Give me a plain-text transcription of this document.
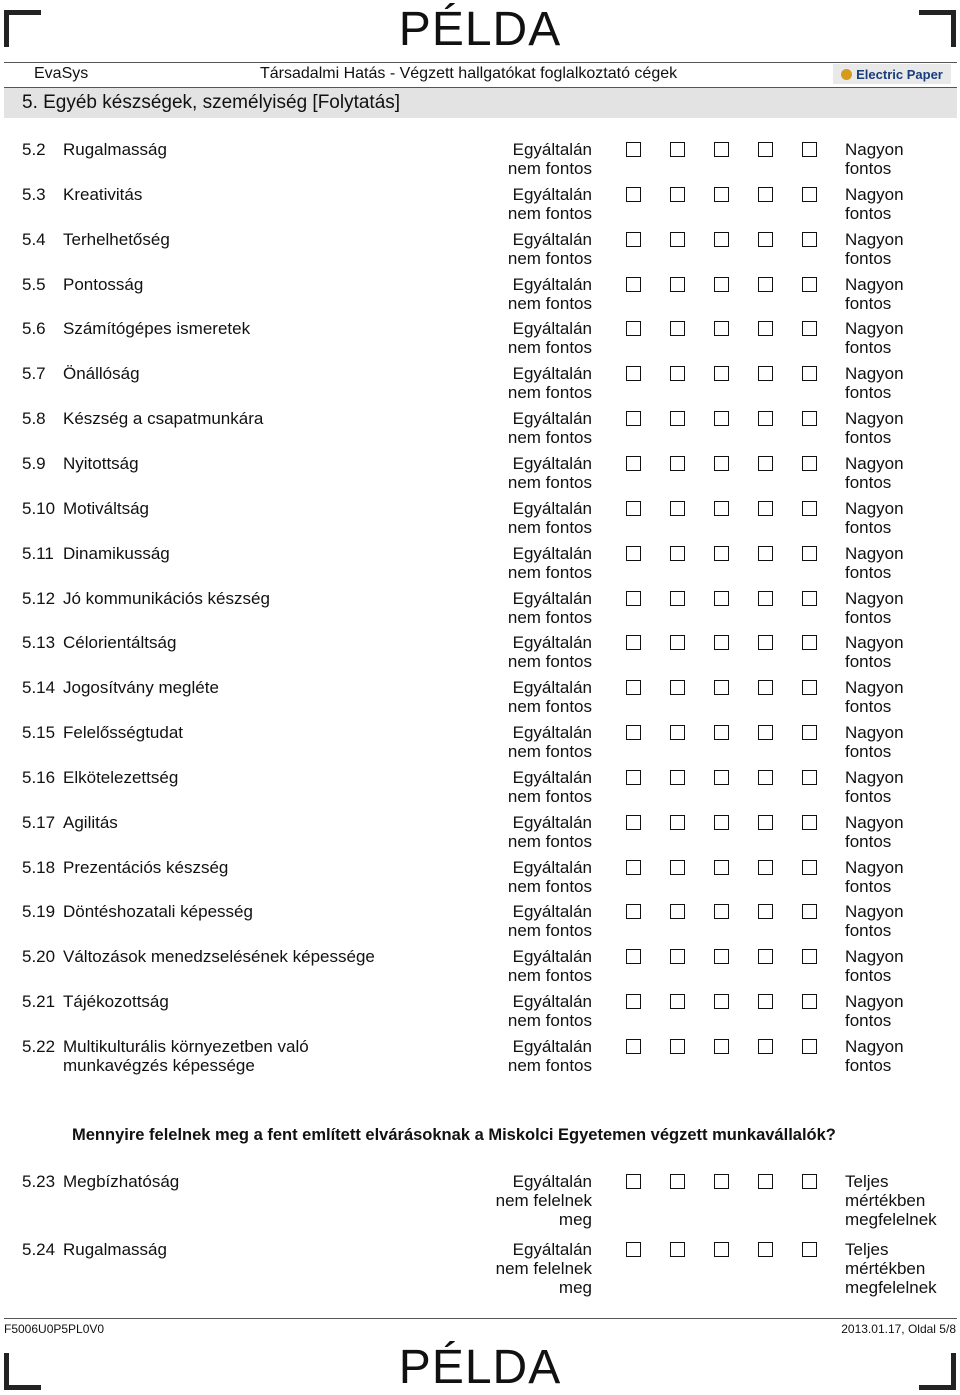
PÉLDA
EvaSys	Társadalmi Hatás - Végzett hallgatókat foglalkoztató cégek	Electric Paper
5. Egyéb készségek, személyiség [Folytatás]
5.2 Rugalmasság	Egyáltalán
nem fontos
Nagyon
fontos
5.3 Kreativitás	Egyáltalán
nem fontos
Nagyon
fontos
5.4 Terhelhetőség	Egyáltalán
nem fontos
Nagyon
fontos
5.5 Pontosság	Egyáltalán
nem fontos
Nagyon
fontos
5.6 Számítógépes ismeretek	Egyáltalán
nem fontos
Nagyon
fontos
5.7 Önállóság	Egyáltalán
nem fontos
Nagyon
fontos
5.8 Készség a csapatmunkára	Egyáltalán
nem fontos
Nagyon
fontos
5.9 Nyitottság	Egyáltalán
nem fontos
Nagyon
fontos
5.10 Motiváltság	Egyáltalán
nem fontos
Nagyon
fontos
5.11 Dinamikusság	Egyáltalán
nem fontos
Nagyon
fontos
5.12 Jó kommunikációs készség	Egyáltalán
nem fontos
Nagyon
fontos
5.13 Célorientáltság	Egyáltalán
nem fontos
Nagyon
fontos
5.14 Jogosítvány megléte	Egyáltalán
nem fontos
Nagyon
fontos
5.15 Felelősségtudat	Egyáltalán
nem fontos
Nagyon
fontos
5.16 Elkötelezettség	Egyáltalán
nem fontos
Nagyon
fontos
5.17 Agilitás	Egyáltalán
nem fontos
Nagyon
fontos
5.18 Prezentációs készség	Egyáltalán
nem fontos
Nagyon
fontos
5.19 Döntéshozatali képesség	Egyáltalán
nem fontos
Nagyon
fontos
5.20 Változások menedzselésének képessége	Egyáltalán
nem fontos
Nagyon
fontos
5.21 Tájékozottság	Egyáltalán
nem fontos
Nagyon
fontos
5.22 Multikulturális környezetben való
munkavégzés képessége
Egyáltalán
nem fontos
Nagyon
fontos
Mennyire felelnek meg a fent említett elvárásoknak a Miskolci Egyetemen végzett munkavállalók?
5.23 Megbízhatóság	Egyáltalán
nem felelnek
meg
Teljes
mértékben
megfelelnek
5.24 Rugalmasság	Egyáltalán
nem felelnek
meg
Teljes
mértékben
megfelelnek
F5006U0P5PL0V0	2013.01.17, Oldal 5/8
PÉLDA
